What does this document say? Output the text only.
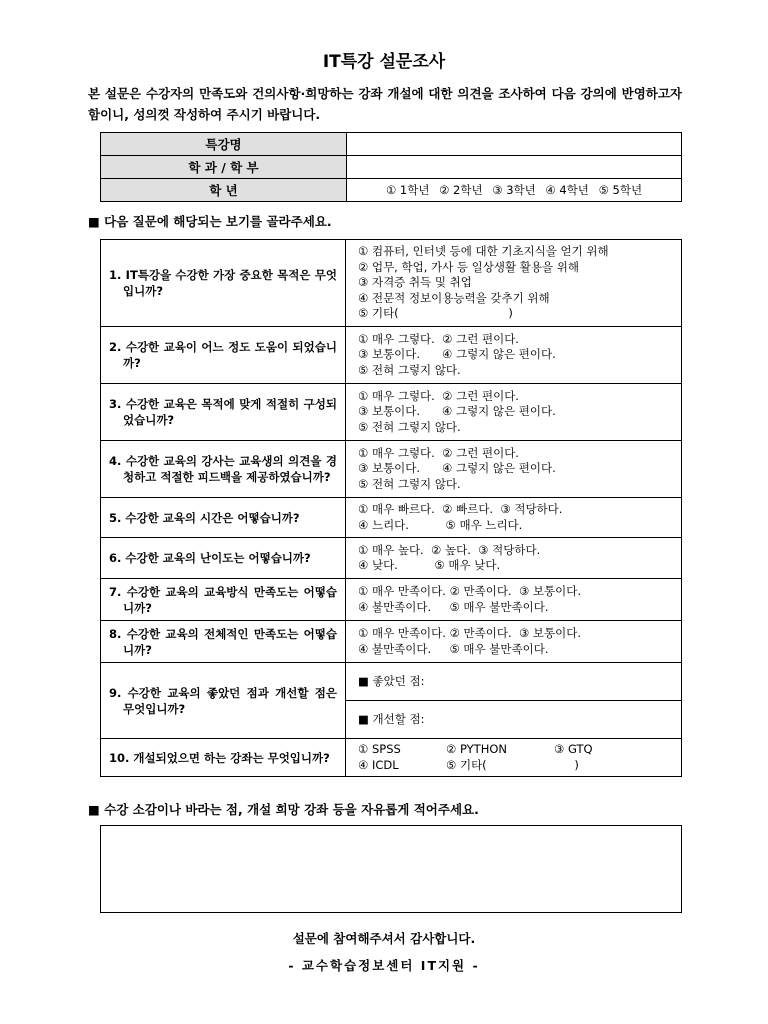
IT특강 설문조사
본 설문은 수강자의 만족도와 건의사항·희망하는 강좌 개설에 대한 의견을 조사하여 다음 강의에 반영하고자 함이니, 성의껏 작성하여 주시기 바랍니다.
특강명	
학 과 / 학 부	
학 년	① 1학년 ② 2학년 ③ 3학년 ④ 4학년 ⑤ 5학년
■ 다음 질문에 해당되는 보기를 골라주세요.
1. IT특강을 수강한 가장 중요한 목적은 무엇입니까?	① 컴퓨터, 인터넷 등에 대한 기초지식을 얻기 위해
② 업무, 학업, 가사 등 일상생활 활용을 위해
③ 자격증 취득 및 취업
④ 전문적 정보이용능력을 갖추기 위해
⑤ 기타(                              )

2. 수강한 교육이 어느 정도 도움이 되었습니까?	① 매우 그렇다.  ② 그런 편이다.
③ 보통이다.      ④ 그렇지 않은 편이다.
⑤ 전혀 그렇지 않다.

3. 수강한 교육은 목적에 맞게 적절히 구성되었습니까?	① 매우 그렇다.  ② 그런 편이다.
③ 보통이다.      ④ 그렇지 않은 편이다.
⑤ 전혀 그렇지 않다.

4. 수강한 교육의 강사는 교육생의 의견을 경청하고 적절한 피드백을 제공하였습니까?	① 매우 그렇다.  ② 그런 편이다.
③ 보통이다.      ④ 그렇지 않은 편이다.
⑤ 전혀 그렇지 않다.

5. 수강한 교육의 시간은 어떻습니까?	① 매우 빠르다.  ② 빠르다.  ③ 적당하다.
④ 느리다.          ⑤ 매우 느리다.

6. 수강한 교육의 난이도는 어떻습니까?	① 매우 높다.  ② 높다.  ③ 적당하다.
④ 낮다.          ⑤ 매우 낮다.

7. 수강한 교육의 교육방식 만족도는 어떻습니까?	① 매우 만족이다. ② 만족이다.  ③ 보통이다.
④ 불만족이다.     ⑤ 매우 불만족이다.

8. 수강한 교육의 전체적인 만족도는 어떻습니까?	① 매우 만족이다. ② 만족이다.  ③ 보통이다.
④ 불만족이다.     ⑤ 매우 불만족이다.

9. 수강한 교육의 좋았던 점과 개선할 점은 무엇입니까?	■ 좋았던 점:
	■ 개선할 점:

10. 개설되었으면 하는 강좌는 무엇입니까?	① SPSS ② PYTHON ③ GTQ
④ ICDL ⑤ 기타(                        )
■ 수강 소감이나 바라는 점, 개설 희망 강좌 등을 자유롭게 적어주세요.
설문에 참여해주셔서 감사합니다.
- 교수학습정보센터 IT지원 -
